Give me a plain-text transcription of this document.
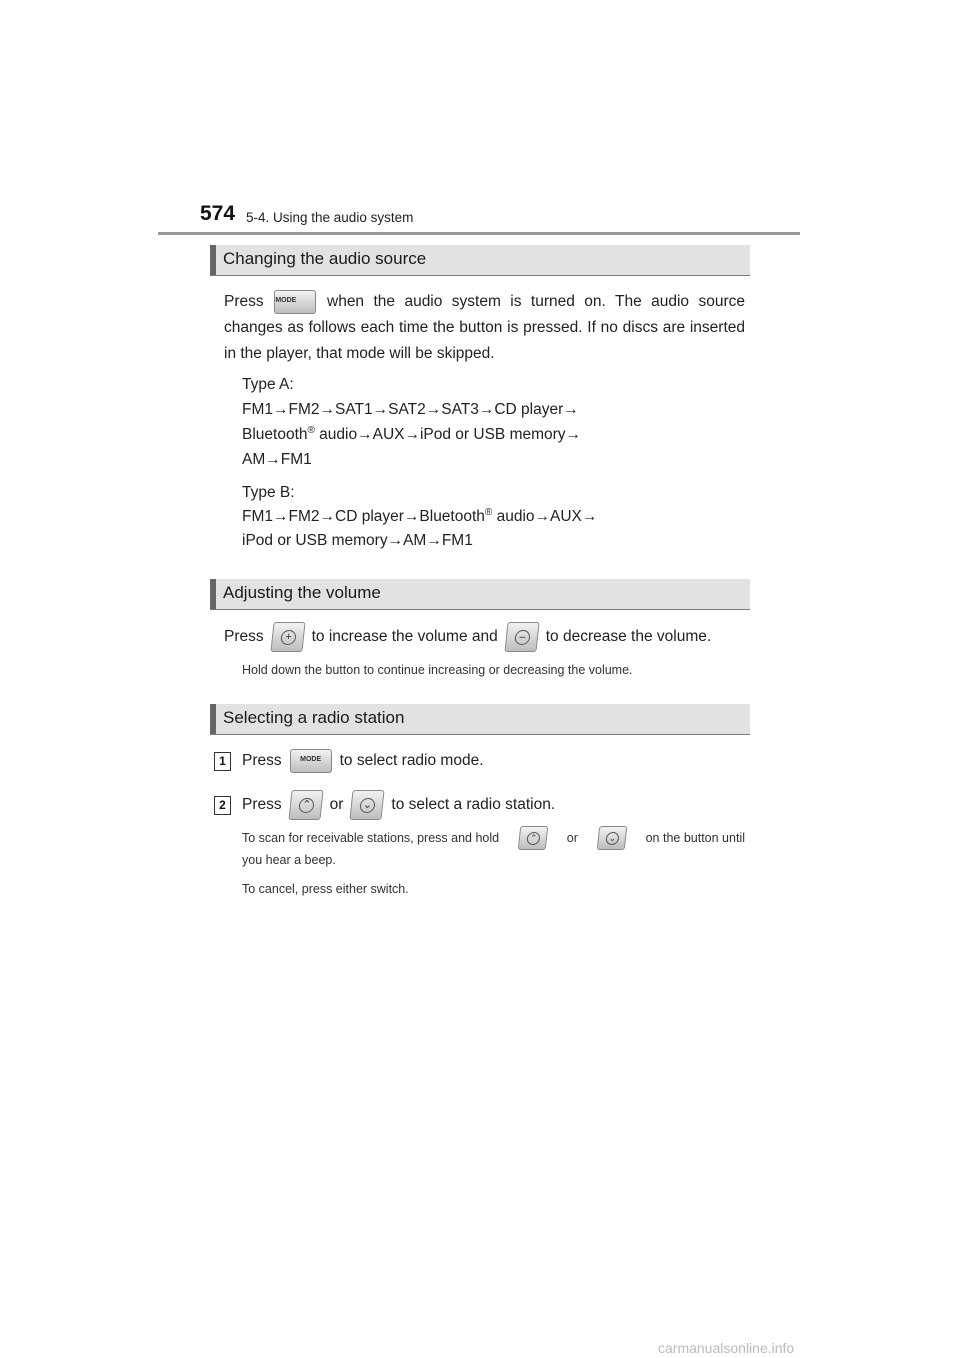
574 5-4. Using the audio system
Changing the audio source
Press MODE	when the audio system is turned on. The audio source
changes as follows each time the button is pressed. If no discs are inserted
in the player, that mode will be skipped.
Type A:
FM1→FM2→SAT1→SAT2→SAT3→CD player→
Bluetooth® audio→AUX→iPod or USB memory→
AM→FM1
Type B:
FM1→FM2→CD player→Bluetooth® audio→AUX→
iPod or USB memory→AM→FM1
Adjusting the volume
Press	+ to increase the volume and	– to decrease the volume.
Hold down the button to continue increasing or decreasing the volume.
Selecting a radio station
1	Press	MODE	to select radio mode.
2	Press ⌃ or ⌄ to select a radio station.
To scan for receivable stations, press and hold	⌃ or	⌄ on the button until
you hear a beep.
To cancel, press either switch.
carmanualsonline.info
